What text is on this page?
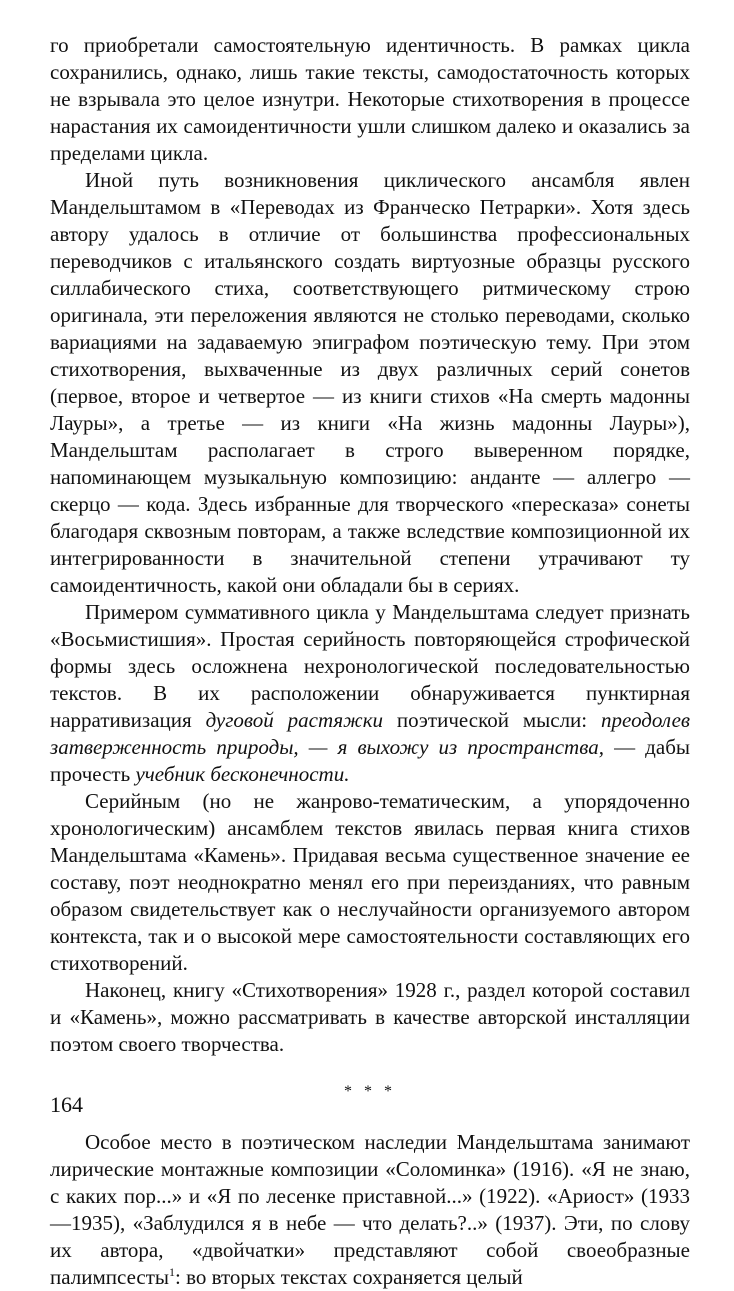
го приобретали самостоятельную идентичность. В рамках цикла сохранились, однако, лишь такие тексты, самодостаточность которых не взрывала это целое изнутри. Некоторые стихотворения в процессе нарастания их самоидентичности ушли слишком далеко и оказались за пределами цикла.

Иной путь возникновения циклического ансамбля явлен Мандельштамом в «Переводах из Франческо Петрарки». Хотя здесь автору удалось в отличие от большинства профессиональных переводчиков с итальянского создать виртуозные образцы русского силлабического стиха, соответствующего ритмическому строю оригинала, эти переложения являются не столько переводами, сколько вариациями на задаваемую эпиграфом поэтическую тему. При этом стихотворения, выхваченные из двух различных серий сонетов (первое, второе и четвертое — из книги стихов «На смерть мадонны Лауры», а третье — из книги «На жизнь мадонны Лауры»), Мандельштам располагает в строго выверенном порядке, напоминающем музыкальную композицию: анданте — аллегро — скерцо — кода. Здесь избранные для творческого «пересказа» сонеты благодаря сквозным повторам, а также вследствие композиционной их интегрированности в значительной степени утрачивают ту самоидентичность, какой они обладали бы в сериях.

Примером суммативного цикла у Мандельштама следует признать «Восьмистишия». Простая серийность повторяющейся строфической формы здесь осложнена нехронологической последовательностью текстов. В их расположении обнаруживается пунктирная нарративизация дуговой растяжки поэтической мысли: преодолев затверженность природы, — я выхожу из пространства, — дабы прочесть учебник бесконечности.

Серийным (но не жанрово-тематическим, а упорядоченно хронологическим) ансамблем текстов явилась первая книга стихов Мандельштама «Камень». Придавая весьма существенное значение ее составу, поэт неоднократно менял его при переизданиях, что равным образом свидетельствует как о неслучайности организуемого автором контекста, так и о высокой мере самостоятельности составляющих его стихотворений.

Наконец, книгу «Стихотворения» 1928 г., раздел которой составил и «Камень», можно рассматривать в качестве авторской инсталляции поэтом своего творчества.

* * *

Особое место в поэтическом наследии Мандельштама занимают лирические монтажные композиции «Соломинка» (1916). «Я не знаю, с каких пор...» и «Я по лесенке приставной...» (1922). «Ариост» (1933—1935), «Заблудился я в небе — что делать?..» (1937). Эти, по слову их автора, «двойчатки» представляют собой своеобразные палимпсесты$^1$: во вторых текстах сохраняется целый

164
